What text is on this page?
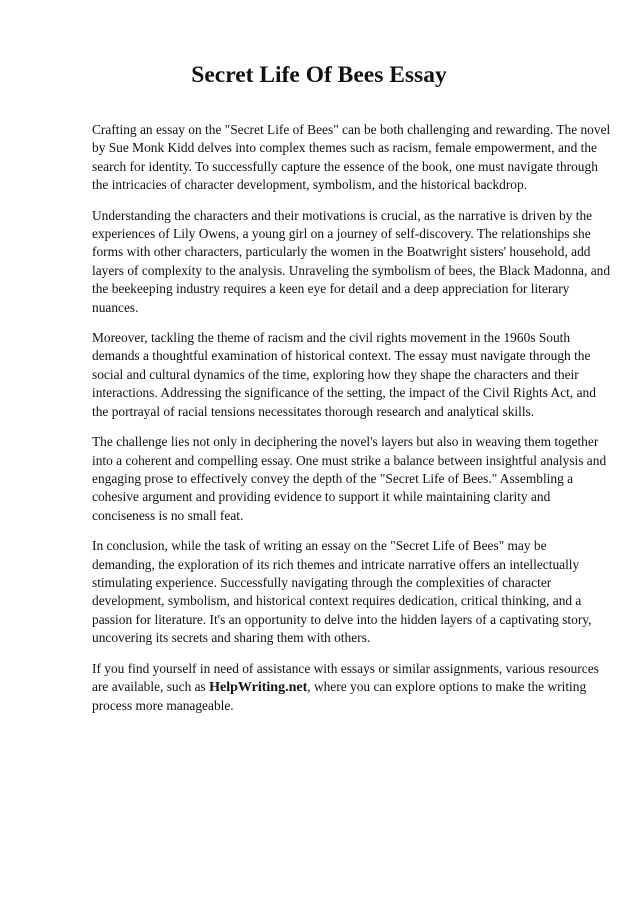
Secret Life Of Bees Essay

Crafting an essay on the "Secret Life of Bees" can be both challenging and rewarding. The novel
by Sue Monk Kidd delves into complex themes such as racism, female empowerment, and the
search for identity. To successfully capture the essence of the book, one must navigate through
the intricacies of character development, symbolism, and the historical backdrop.

Understanding the characters and their motivations is crucial, as the narrative is driven by the
experiences of Lily Owens, a young girl on a journey of self-discovery. The relationships she
forms with other characters, particularly the women in the Boatwright sisters' household, add
layers of complexity to the analysis. Unraveling the symbolism of bees, the Black Madonna, and
the beekeeping industry requires a keen eye for detail and a deep appreciation for literary
nuances.

Moreover, tackling the theme of racism and the civil rights movement in the 1960s South
demands a thoughtful examination of historical context. The essay must navigate through the
social and cultural dynamics of the time, exploring how they shape the characters and their
interactions. Addressing the significance of the setting, the impact of the Civil Rights Act, and
the portrayal of racial tensions necessitates thorough research and analytical skills.

The challenge lies not only in deciphering the novel's layers but also in weaving them together
into a coherent and compelling essay. One must strike a balance between insightful analysis and
engaging prose to effectively convey the depth of the "Secret Life of Bees." Assembling a
cohesive argument and providing evidence to support it while maintaining clarity and
conciseness is no small feat.

In conclusion, while the task of writing an essay on the "Secret Life of Bees" may be
demanding, the exploration of its rich themes and intricate narrative offers an intellectually
stimulating experience. Successfully navigating through the complexities of character
development, symbolism, and historical context requires dedication, critical thinking, and a
passion for literature. It's an opportunity to delve into the hidden layers of a captivating story,
uncovering its secrets and sharing them with others.

If you find yourself in need of assistance with essays or similar assignments, various resources
are available, such as HelpWriting.net, where you can explore options to make the writing
process more manageable.
